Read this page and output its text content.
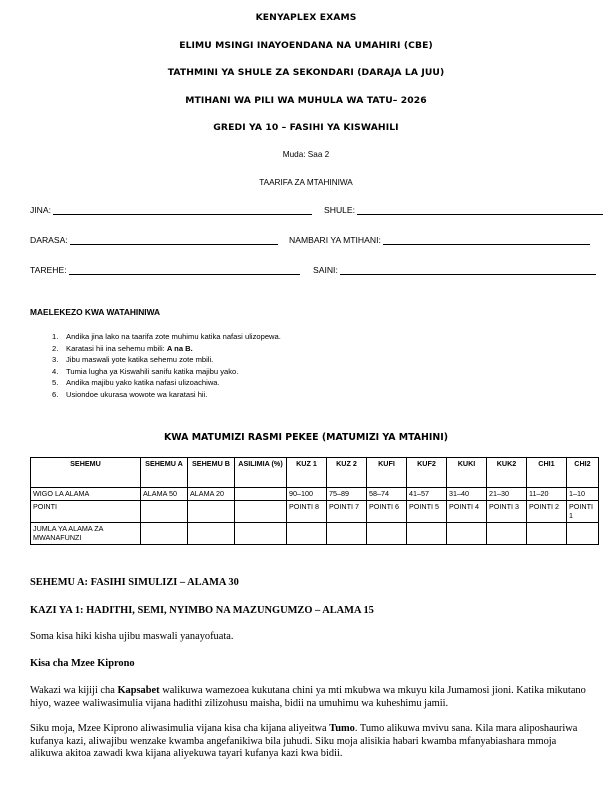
KENYAPLEX EXAMS
ELIMU MSINGI INAYOENDANA NA UMAHIRI (CBE)
TATHMINI YA SHULE ZA SEKONDARI (DARAJA LA JUU)
MTIHANI WA PILI WA MUHULA WA TATU– 2026
GREDI YA 10 – FASIHI YA KISWAHILI
Muda: Saa 2
TAARIFA ZA MTAHINIWA
JINA:	SHULE:
DARASA:	NAMBARI YA MTIHANI:
TAREHE:	SAINI:
MAELEKEZO KWA WATAHINIWA
1. Andika jina lako na taarifa zote muhimu katika nafasi ulizopewa.
2. Karatasi hii ina sehemu mbili: A na B.
3. Jibu maswali yote katika sehemu zote mbili.
4. Tumia lugha ya Kiswahili sanifu katika majibu yako.
5. Andika majibu yako katika nafasi ulizoachiwa.
6. Usiondoe ukurasa wowote wa karatasi hii.
KWA MATUMIZI RASMI PEKEE (MATUMIZI YA MTAHINI)
SEHEMU	SEHEMU A	SEHEMU B	ASILIMIA (%)	KUZ 1	KUZ 2	KUFI	KUF2	KUKI	KUK2	CHI1	CHI2
WIGO LA ALAMA	ALAMA 50	ALAMA 20		90–100	75–89	58–74	41–57	31–40	21–30	11–20	1–10
POINTI				POINTI 8	POINTI 7	POINTI 6	POINTI 5	POINTI 4	POINTI 3	POINTI 2	POINTI 1
JUMLA YA ALAMA ZA MWANAFUNZI											
SEHEMU A: FASIHI SIMULIZI – ALAMA 30
KAZI YA 1: HADITHI, SEMI, NYIMBO NA MAZUNGUMZO – ALAMA 15
Soma kisa hiki kisha ujibu maswali yanayofuata.
Kisa cha Mzee Kiprono
Wakazi wa kijiji cha Kapsabet walikuwa wamezoea kukutana chini ya mti mkubwa wa mkuyu kila Jumamosi jioni. Katika mikutano hiyo, wazee waliwasimulia vijana hadithi zilizohusu maisha, bidii na umuhimu wa kuheshimu jamii.
Siku moja, Mzee Kiprono aliwasimulia vijana kisa cha kijana aliyeitwa Tumo. Tumo alikuwa mvivu sana. Kila mara aliposhauriwa kufanya kazi, aliwajibu wenzake kwamba angefanikiwa bila juhudi. Siku moja alisikia habari kwamba mfanyabiashara mmoja alikuwa akitoa zawadi kwa kijana aliyekuwa tayari kufanya kazi kwa bidii.
